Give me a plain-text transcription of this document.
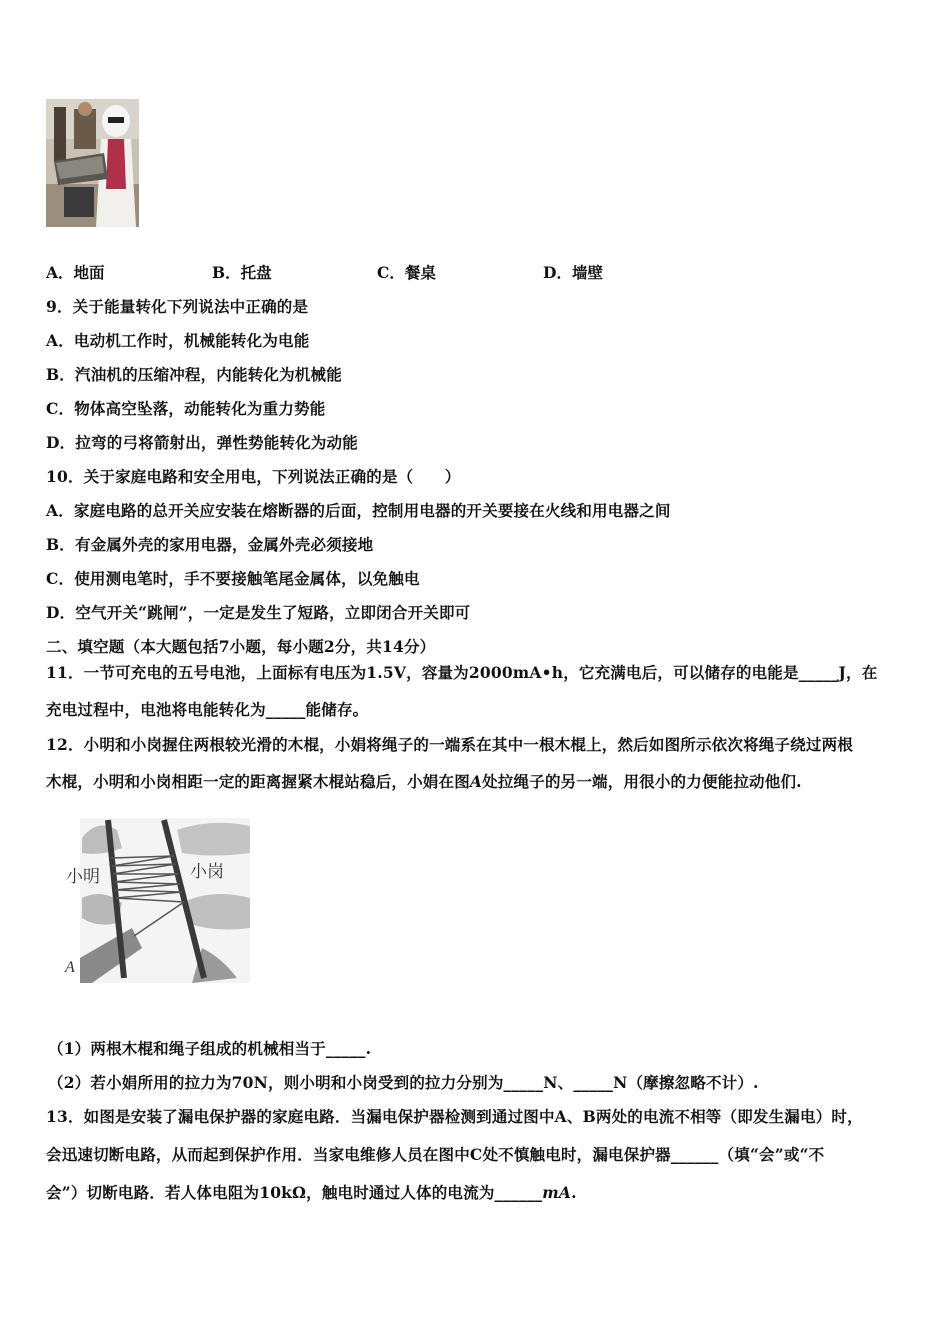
A．地面	B．托盘	C．餐桌	D．墙壁
9．关于能量转化下列说法中正确的是
A．电动机工作时，机械能转化为电能
B．汽油机的压缩冲程，内能转化为机械能
C．物体高空坠落，动能转化为重力势能
D．拉弯的弓将箭射出，弹性势能转化为动能
10．关于家庭电路和安全用电，下列说法正确的是（　　）
A．家庭电路的总开关应安装在熔断器的后面，控制用电器的开关要接在火线和用电器之间
B．有金属外壳的家用电器，金属外壳必须接地
C．使用测电笔时，手不要接触笔尾金属体，以免触电
D．空气开关“跳闸”，一定是发生了短路，立即闭合开关即可
二、填空题（本大题包括7小题，每小题2分，共14分）
11．一节可充电的五号电池，上面标有电压为1.5V，容量为2000mA•h，它充满电后，可以储存的电能是_____J，在
充电过程中，电池将电能转化为_____能储存。
12．小明和小岗握住两根较光滑的木棍，小娟将绳子的一端系在其中一根木棍上，然后如图所示依次将绳子绕过两根
木棍，小明和小岗相距一定的距离握紧木棍站稳后，小娟在图A处拉绳子的另一端，用很小的力便能拉动他们.
小明	小岗
A
（1）两根木棍和绳子组成的机械相当于_____.
（2）若小娟所用的拉力为70N，则小明和小岗受到的拉力分别为_____N、_____N（摩擦忽略不计）.
13．如图是安装了漏电保护器的家庭电路．当漏电保护器检测到通过图中A、B两处的电流不相等（即发生漏电）时，
会迅速切断电路，从而起到保护作用．当家电维修人员在图中C处不慎触电时，漏电保护器______（填“会”或“不
会”）切断电路．若人体电阻为10kΩ，触电时通过人体的电流为______mA.
